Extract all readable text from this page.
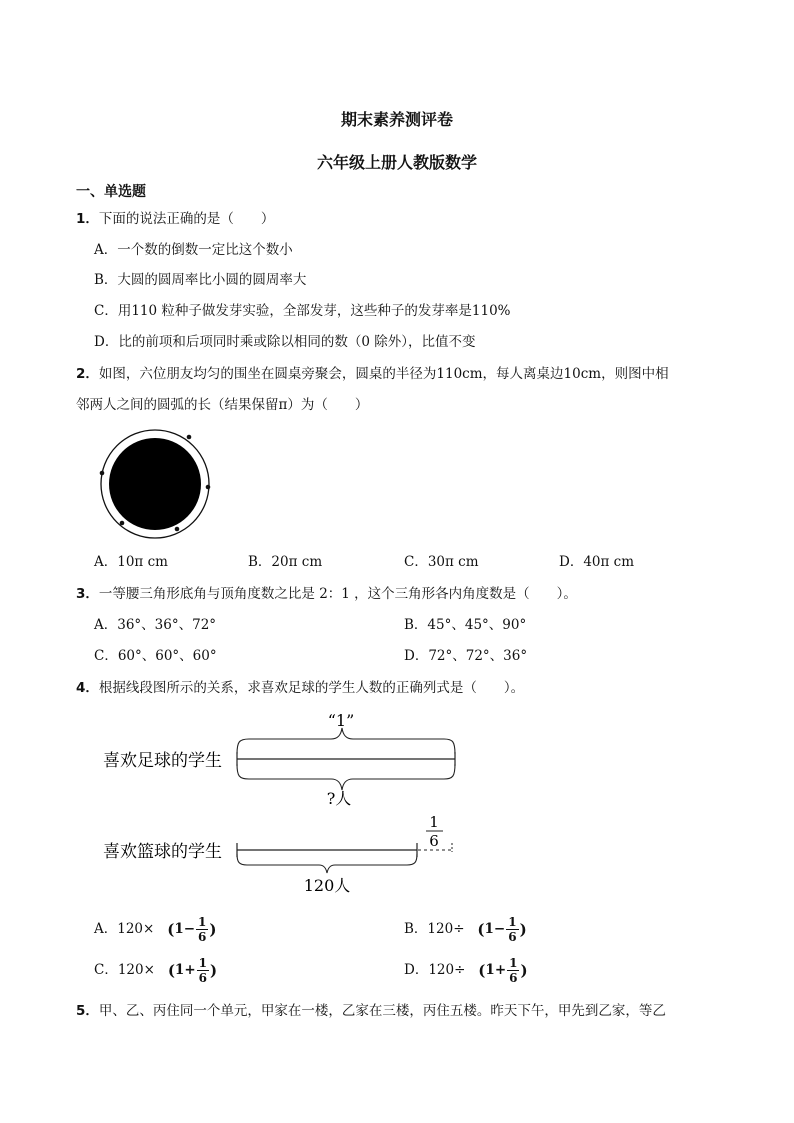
期末素养测评卷
六年级上册人教版数学
一、单选题
1．下面的说法正确的是（　　）
A．一个数的倒数一定比这个数小
B．大圆的圆周率比小圆的圆周率大
C．用110 粒种子做发芽实验，全部发芽，这些种子的发芽率是110%
D．比的前项和后项同时乘或除以相同的数（0 除外），比值不变
2．如图，六位朋友均匀的围坐在圆桌旁聚会，圆桌的半径为110cm，每人离桌边10cm，则图中相
邻两人之间的圆弧的长（结果保留π）为（　　）
A．10π cm	B．20π cm	C．30π cm	D．40π cm
3．一等腰三角形底角与顶角度数之比是 2：1 ，这个三角形各内角度数是（　　）。
A．36°、36°、72°	B．45°、45°、90°
C．60°、60°、60°	D．72°、72°、36°
4．根据线段图所示的关系，求喜欢足球的学生人数的正确列式是（　　）。
“1”
喜欢足球的学生
?人
喜欢篮球的学生
1
6
120人
A．$120\times (1- \frac{1}{6}$ )	B．$120\div (1- \frac{1}{6}$ )
C．$120\times (1+ \frac{1}{6}$ )	D．$120\div (1+ \frac{1}{6}$ )
5．甲、乙、丙住同一个单元，甲家在一楼，乙家在三楼，丙住五楼。昨天下午，甲先到乙家，等乙
